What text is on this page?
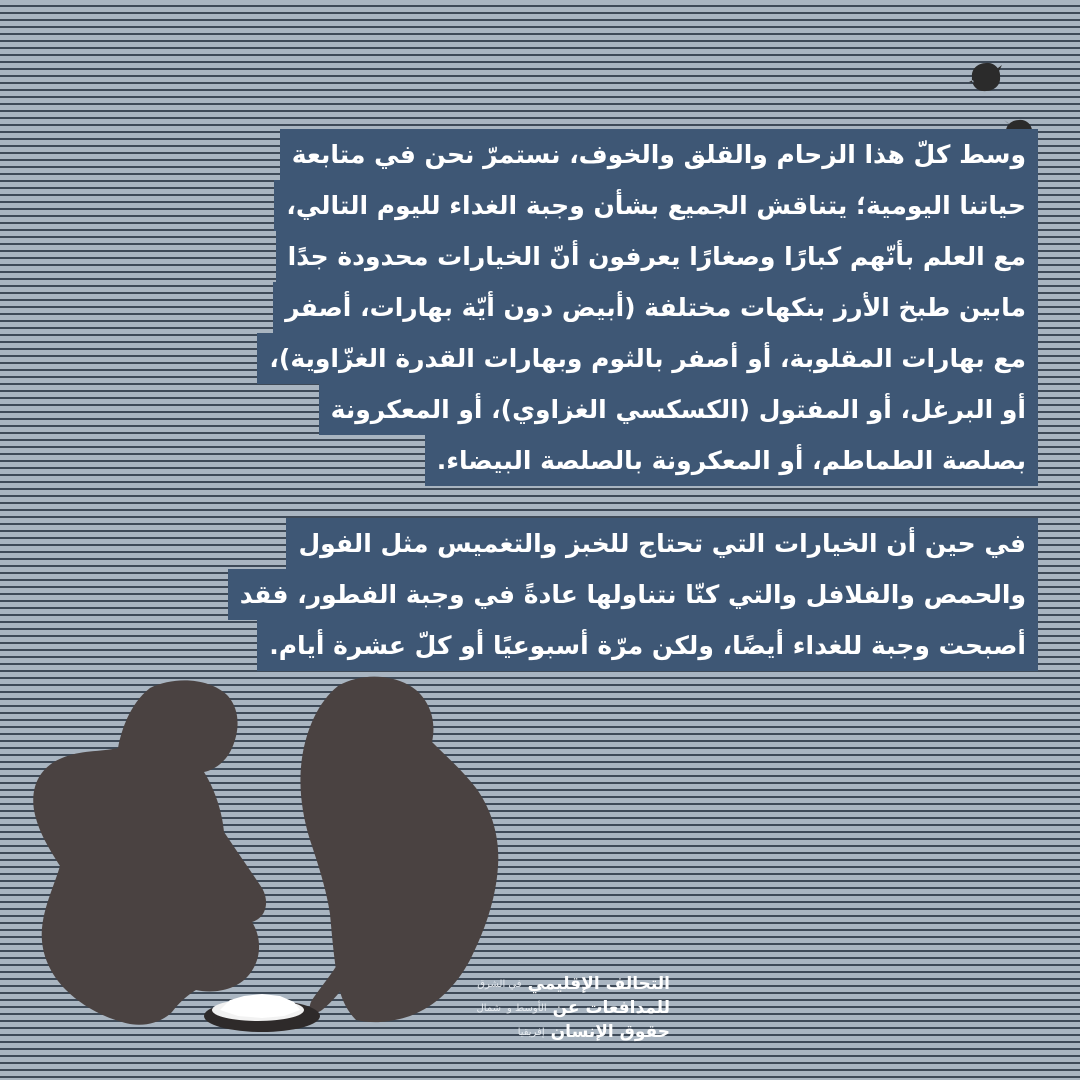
وسط كلّ هذا الزحام والقلق والخوف، نستمرّ نحن في متابعة
حياتنا اليومية؛ يتناقش الجميع بشأن وجبة الغداء لليوم التالي،
مع العلم بأنّهم كبارًا وصغارًا يعرفون أنّ الخيارات محدودة جدًا
مابين طبخ الأرز بنكهات مختلفة (أبيض دون أيّة بهارات، أصفر
مع بهارات المقلوبة، أو أصفر بالثوم وبهارات القدرة الغزّاوية)،
أو البرغل، أو المفتول (الكسكسي الغزاوي)، أو المعكرونة
بصلصة الطماطم، أو المعكرونة بالصلصة البيضاء.
في حين أن الخيارات التي تحتاج للخبز والتغميس مثل الفول
والحمص والفلافل والتي كنّا نتناولها عادةً في وجبة الفطور، فقد
أصبحت وجبة للغداء أيضًا، ولكن مرّة أسبوعيًا أو كلّ عشرة أيام.
التحالف الإقليمي
في الشرق
للمدافعات عن
الأوسط و
شمال
حقوق الإنسان
إفريقيا
